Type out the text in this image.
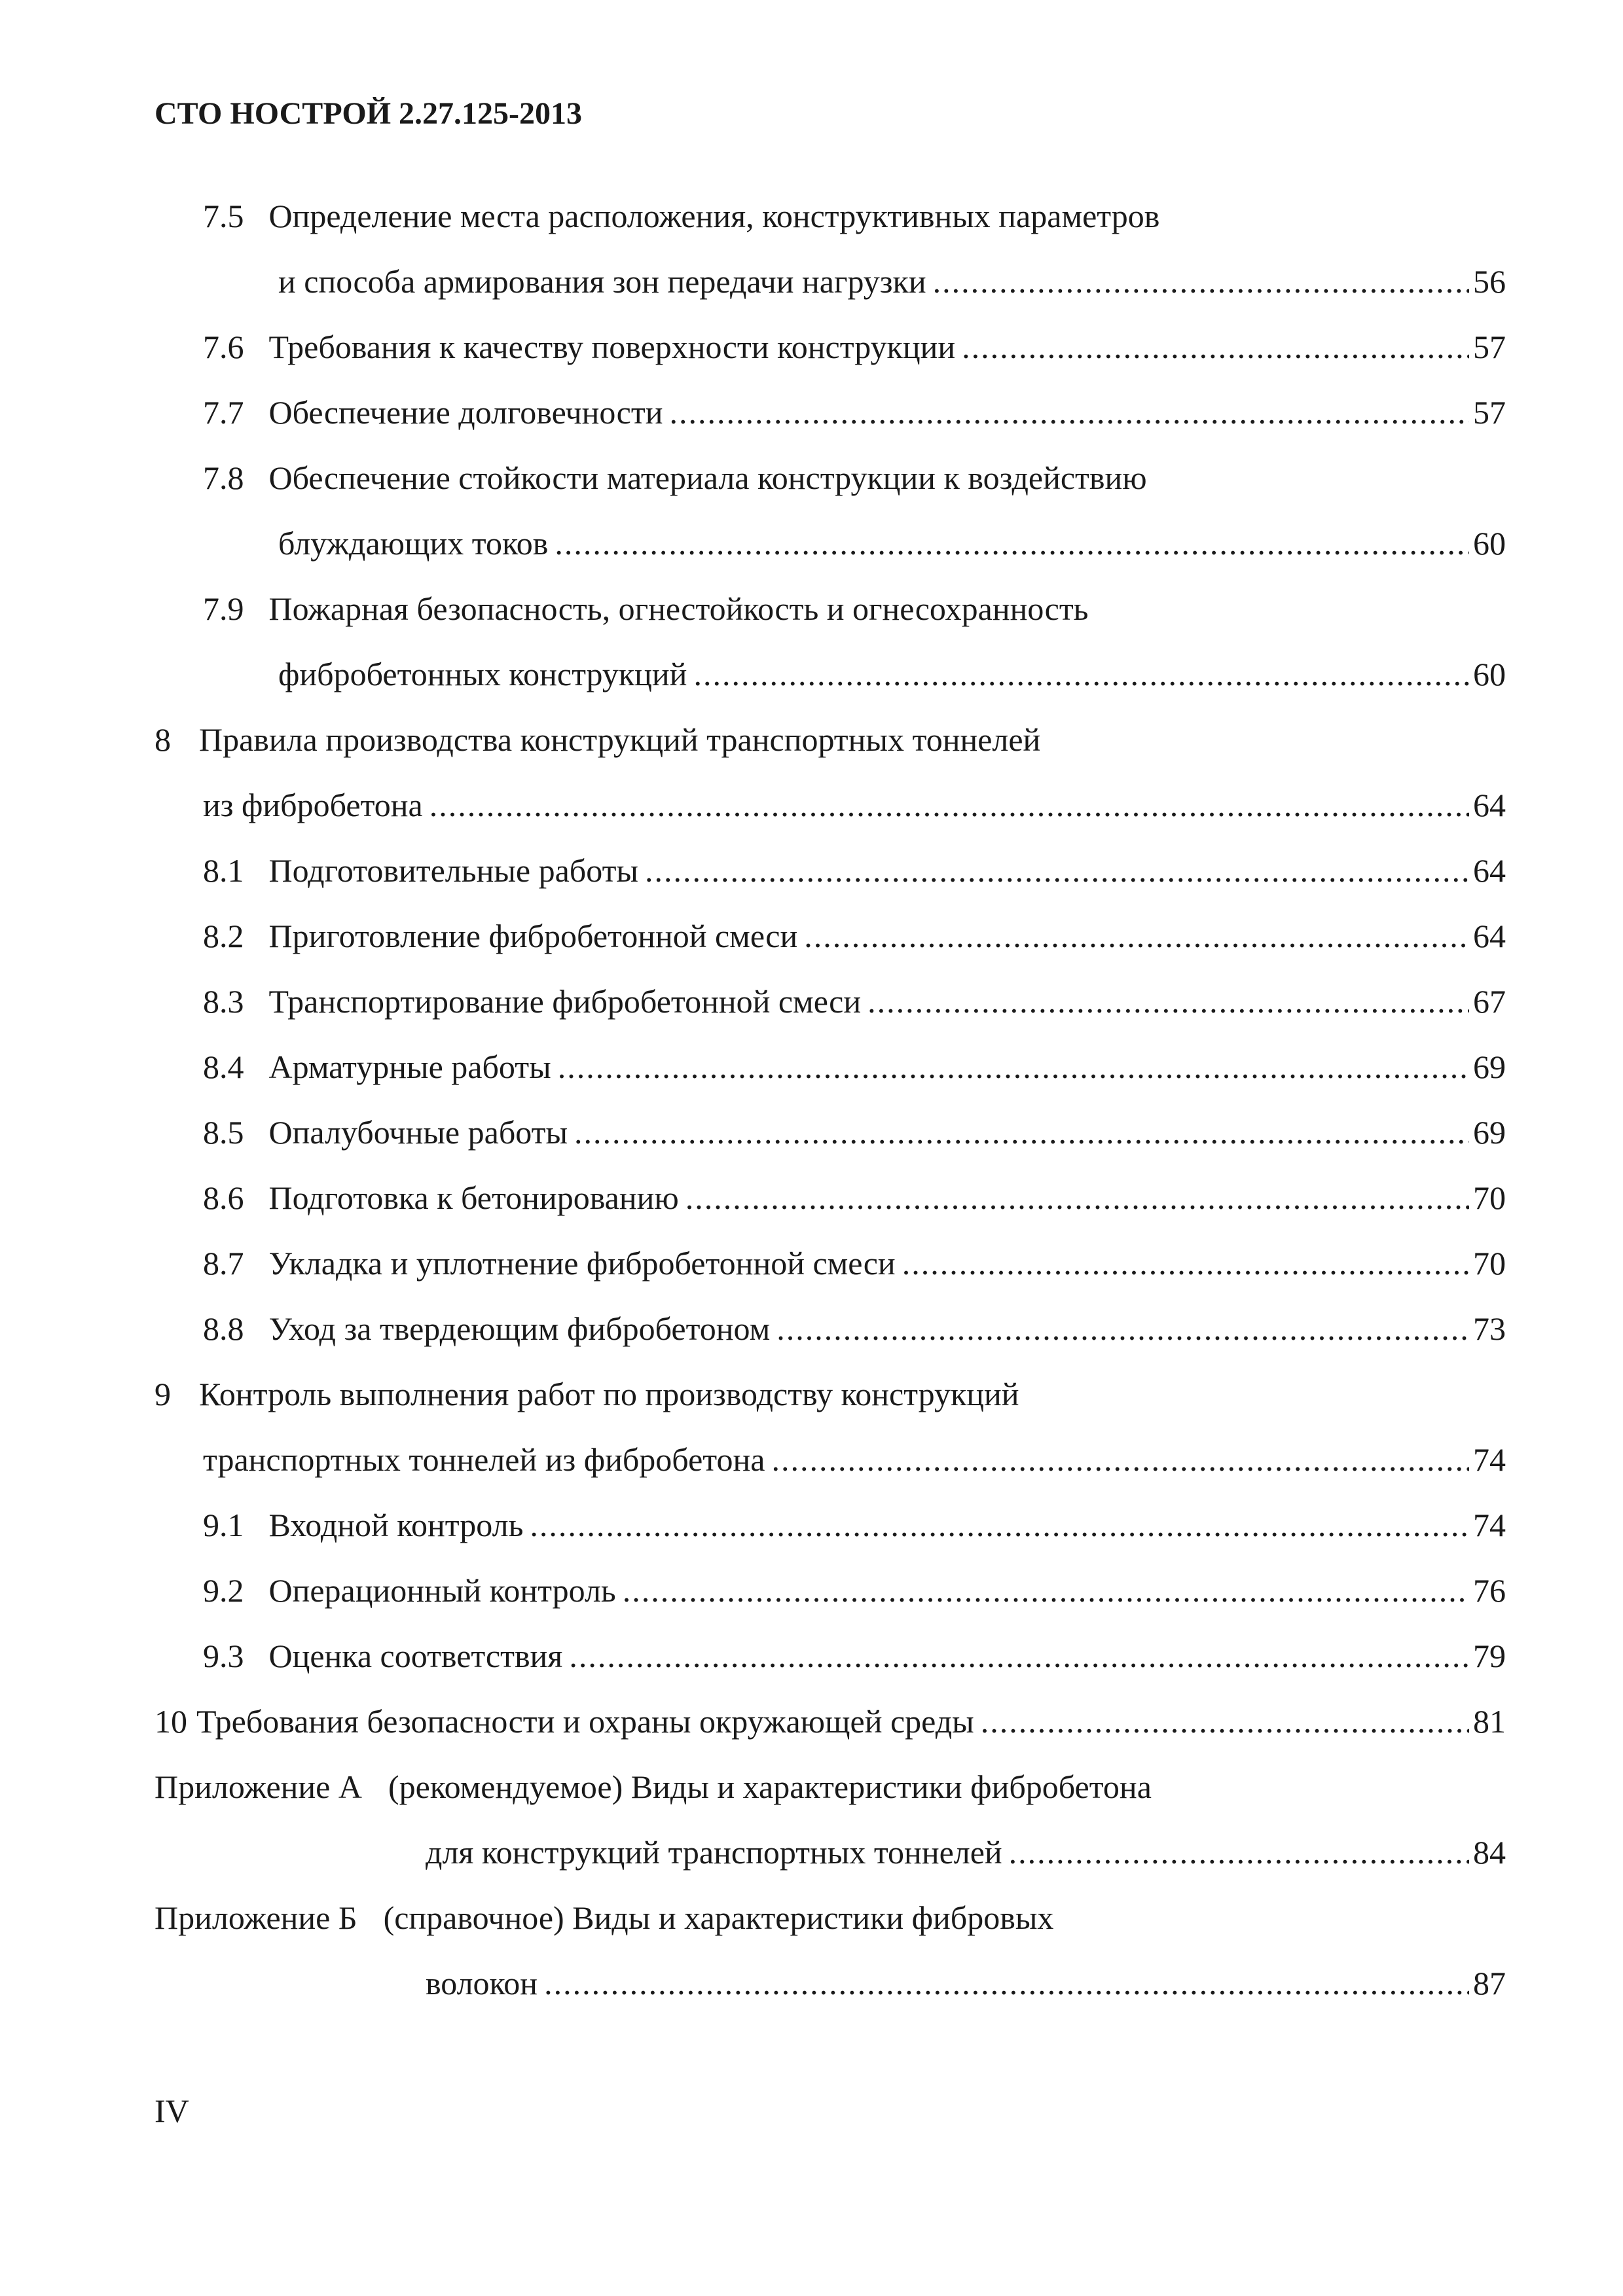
СТО НОСТРОЙ 2.27.125-2013
7.5 Определение места расположения, конструктивных параметров
и способа армирования зон передачи нагрузки .....	56
7.6 Требования к качеству поверхности конструкции .....	57
7.7 Обеспечение долговечности .....	57
7.8 Обеспечение стойкости материала конструкции к воздействию
блуждающих токов .....	60
7.9 Пожарная безопасность, огнестойкость и огнесохранность
фибробетонных конструкций .....	60
8 Правила производства конструкций транспортных тоннелей
из фибробетона .....	64
8.1 Подготовительные работы .....	64
8.2 Приготовление фибробетонной смеси .....	64
8.3 Транспортирование фибробетонной смеси .....	67
8.4 Арматурные работы .....	69
8.5 Опалубочные работы .....	69
8.6 Подготовка к бетонированию .....	70
8.7 Укладка и уплотнение фибробетонной смеси .....	70
8.8 Уход за твердеющим фибробетоном .....	73
9 Контроль выполнения работ по производству конструкций
транспортных тоннелей из фибробетона .....	74
9.1 Входной контроль .....	74
9.2 Операционный контроль .....	76
9.3 Оценка соответствия .....	79
10 Требования безопасности и охраны окружающей среды .....	81
Приложение А (рекомендуемое) Виды и характеристики фибробетона
для конструкций транспортных тоннелей .....	84
Приложение Б (справочное) Виды и характеристики фибровых
волокон .....	87
IV
